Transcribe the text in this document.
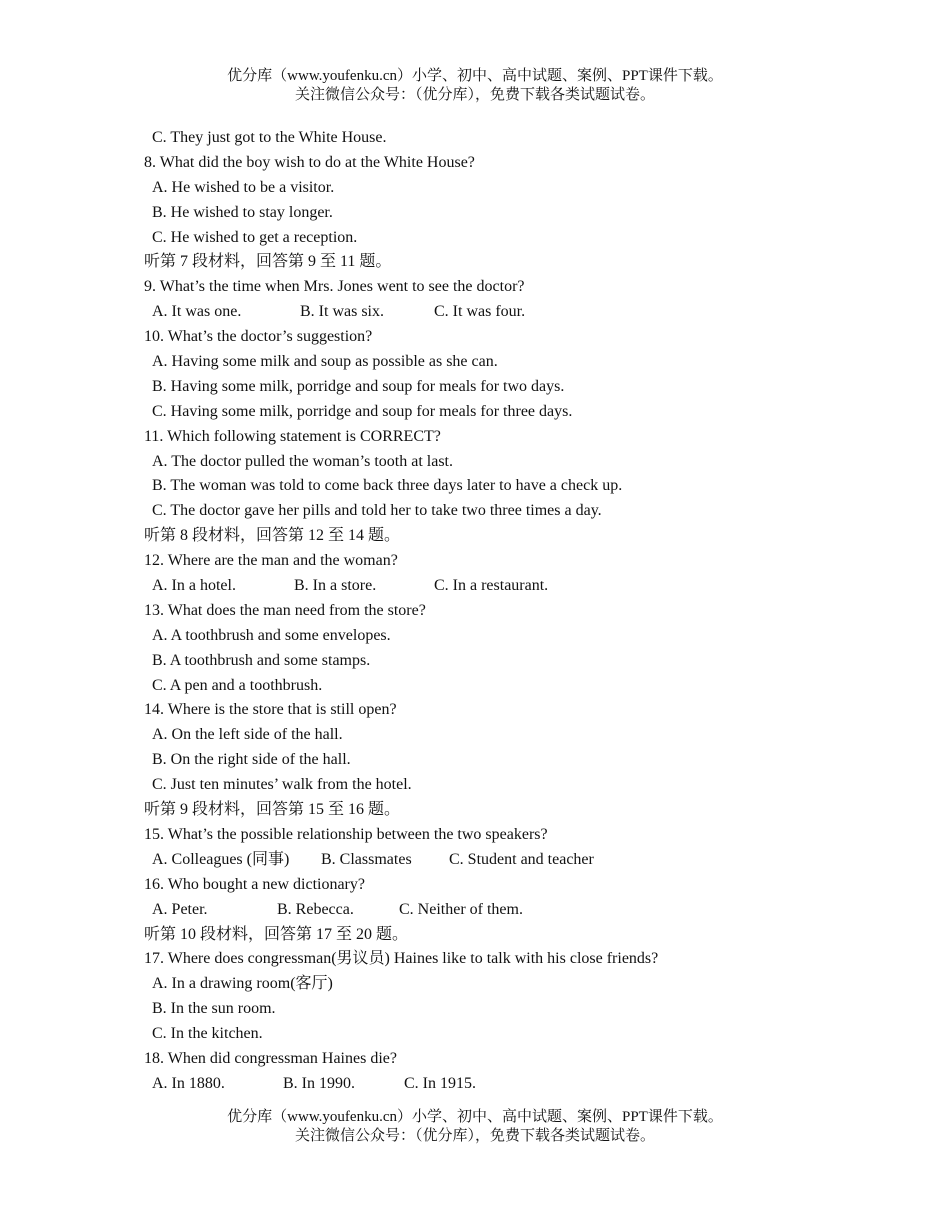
优分库（www.youfenku.cn）小学、初中、高中试题、案例、PPT课件下载。
关注微信公众号：（优分库），免费下载各类试题试卷。
C. They just got to the White House.
8. What did the boy wish to do at the White House?
A. He wished to be a visitor.
B. He wished to stay longer.
C. He wished to get a reception.
听第 7 段材料，回答第 9 至 11 题。
9. What’s the time when Mrs. Jones went to see the doctor?
A. It was one.	B. It was six.	C. It was four.
10. What’s the doctor’s suggestion?
A. Having some milk and soup as possible as she can.
B. Having some milk, porridge and soup for meals for two days.
C. Having some milk, porridge and soup for meals for three days.
11. Which following statement is CORRECT?
A. The doctor pulled the woman’s tooth at last.
B. The woman was told to come back three days later to have a check up.
C. The doctor gave her pills and told her to take two three times a day.
听第 8 段材料，回答第 12 至 14 题。
12. Where are the man and the woman?
A. In a hotel.	B. In a store.	C. In a restaurant.
13. What does the man need from the store?
A. A toothbrush and some envelopes.
B. A toothbrush and some stamps.
C. A pen and a toothbrush.
14. Where is the store that is still open?
A. On the left side of the hall.
B. On the right side of the hall.
C. Just ten minutes’ walk from the hotel.
听第 9 段材料，回答第 15 至 16 题。
15. What’s the possible relationship between the two speakers?
A. Colleagues (同事)	B. Classmates	C. Student and teacher
16. Who bought a new dictionary?
A. Peter.	B. Rebecca.	C. Neither of them.
听第 10 段材料，回答第 17 至 20 题。
17. Where does congressman(男议员) Haines like to talk with his close friends?
A. In a drawing room(客厅)
B. In the sun room.
C. In the kitchen.
18. When did congressman Haines die?
A. In 1880.	B. In 1990.	C. In 1915.
优分库（www.youfenku.cn）小学、初中、高中试题、案例、PPT课件下载。
关注微信公众号：（优分库），免费下载各类试题试卷。
